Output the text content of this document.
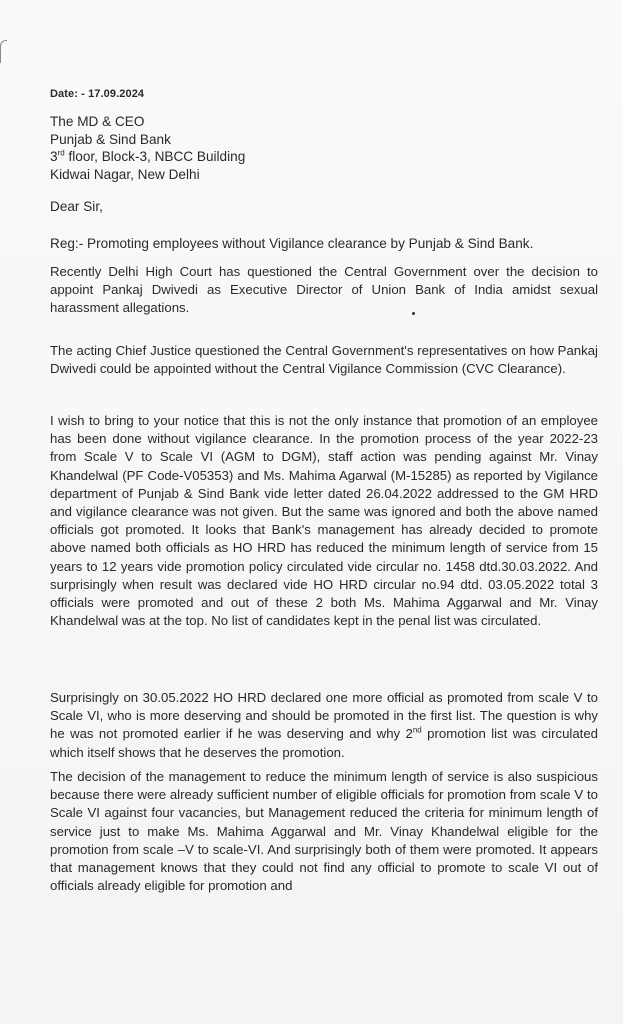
Date: - 17.09.2024
The MD & CEO
Punjab & Sind Bank
3rd floor, Block-3, NBCC Building
Kidwai Nagar, New Delhi
Dear Sir,
Reg:- Promoting employees without Vigilance clearance by Punjab & Sind Bank.

Recently Delhi High Court has questioned the Central Government over the decision to appoint Pankaj Dwivedi as Executive Director of Union Bank of India amidst sexual harassment allegations.

The acting Chief Justice questioned the Central Government's representatives on how Pankaj Dwivedi could be appointed without the Central Vigilance Commission (CVC Clearance).

I wish to bring to your notice that this is not the only instance that promotion of an employee has been done without vigilance clearance. In the promotion process of the year 2022-23 from Scale V to Scale VI (AGM to DGM), staff action was pending against Mr. Vinay Khandelwal (PF Code-V05353) and Ms. Mahima Agarwal (M-15285) as reported by Vigilance department of Punjab & Sind Bank vide letter dated 26.04.2022 addressed to the GM HRD and vigilance clearance was not given. But the same was ignored and both the above named officials got promoted. It looks that Bank's management has already decided to promote above named both officials as HO HRD has reduced the minimum length of service from 15 years to 12 years vide promotion policy circulated vide circular no. 1458 dtd.30.03.2022. And surprisingly when result was declared vide HO HRD circular no.94 dtd. 03.05.2022 total 3 officials were promoted and out of these 2 both Ms. Mahima Aggarwal and Mr. Vinay Khandelwal was at the top. No list of candidates kept in the penal list was circulated.

Surprisingly on 30.05.2022 HO HRD declared one more official as promoted from scale V to Scale VI, who is more deserving and should be promoted in the first list. The question is why he was not promoted earlier if he was deserving and why 2nd promotion list was circulated which itself shows that he deserves the promotion.

The decision of the management to reduce the minimum length of service is also suspicious because there were already sufficient number of eligible officials for promotion from scale V to Scale VI against four vacancies, but Management reduced the criteria for minimum length of service just to make Ms. Mahima Aggarwal and Mr. Vinay Khandelwal eligible for the promotion from scale –V to scale-VI. And surprisingly both of them were promoted. It appears that management knows that they could not find any official to promote to scale VI out of officials already eligible for promotion and
